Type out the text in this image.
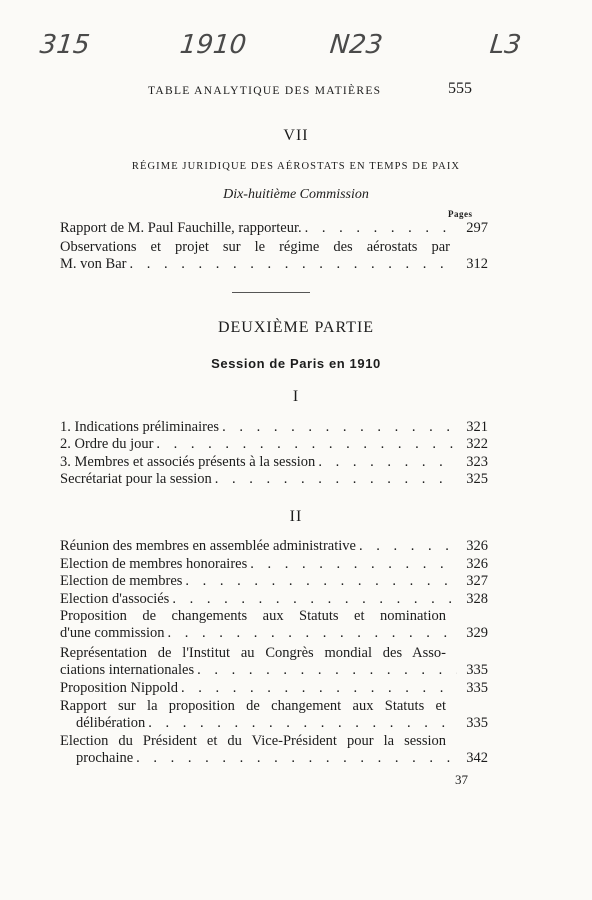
315	1910	N23	L3
TABLE ANALYTIQUE DES MATIÈRES	555
VII
RÉGIME JURIDIQUE DES AÉROSTATS EN TEMPS DE PAIX
Dix-huitième Commission
Pages
Rapport de M. Paul Fauchille, rapporteur. . . .	297
Observations et projet sur le régime des aérostats par
M. von Bar . . .	312
DEUXIÈME PARTIE
Session de Paris en 1910
I
1. Indications préliminaires . . .	321
2. Ordre du jour . . .	322
3. Membres et associés présents à la session . . .	323
Secrétariat pour la session . . .	325
II
Réunion des membres en assemblée administrative . . .	326
Election de membres honoraires . . .	326
Election de membres . . .	327
Election d'associés . . .	328
Proposition de changements aux Statuts et nomination
d'une commission . . .	329
Représentation de l'Institut au Congrès mondial des Asso-
ciations internationales . . .	335
Proposition Nippold . . .	335
Rapport sur la proposition de changement aux Statuts et
délibération . . .	335
Election du Président et du Vice-Président pour la session
prochaine . . .	342
37
